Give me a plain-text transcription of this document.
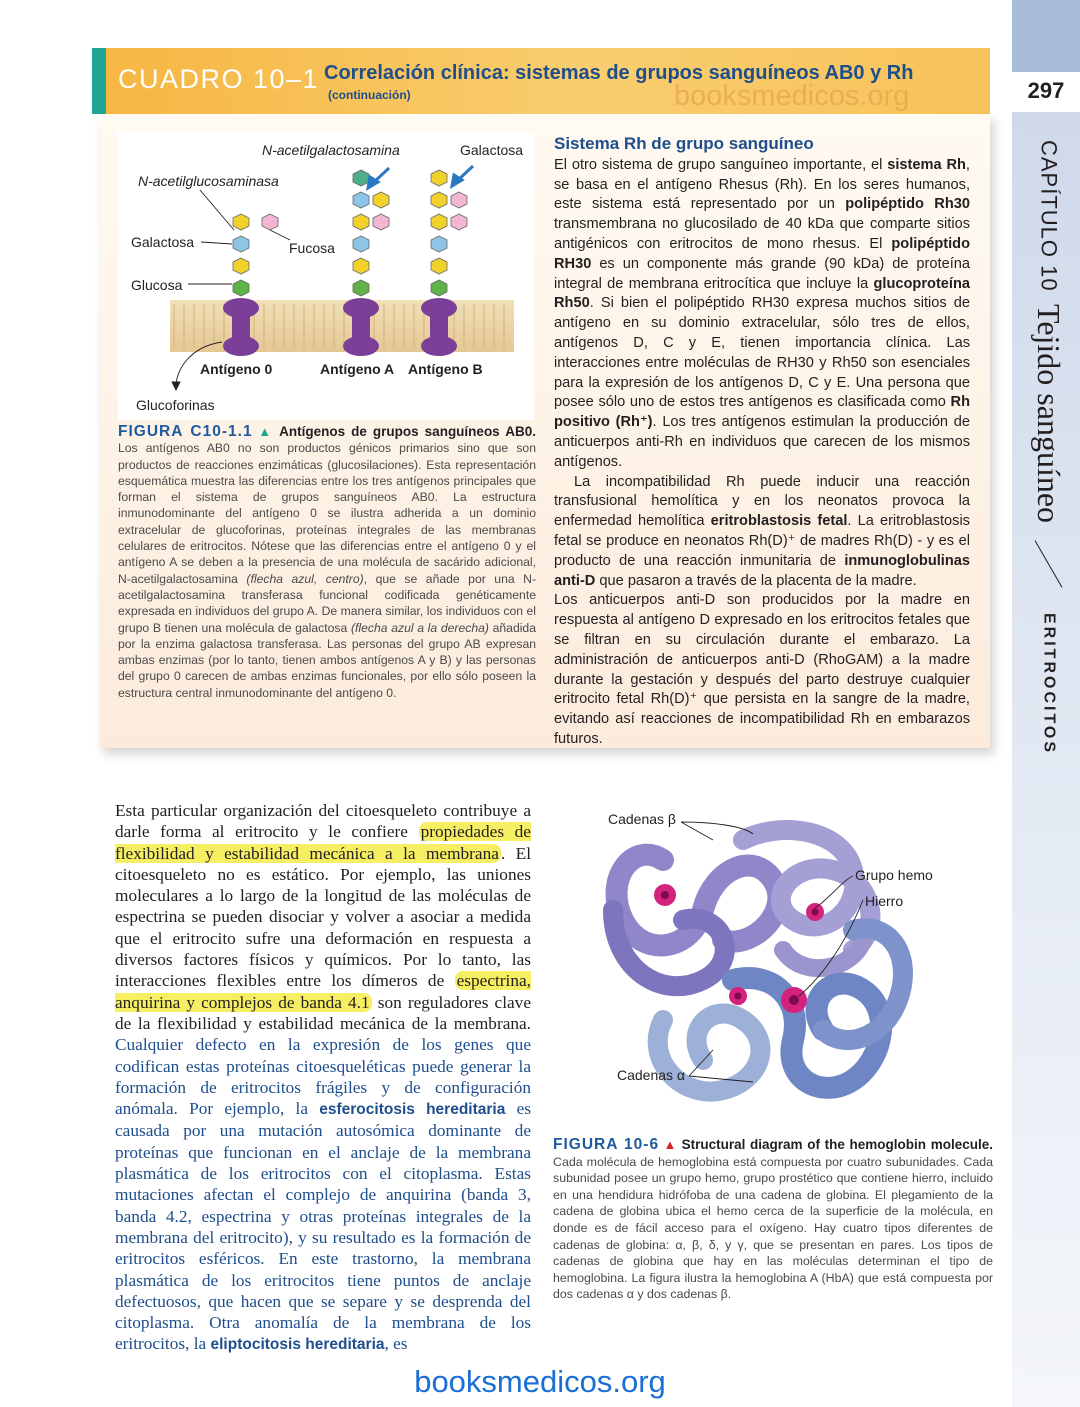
297
CAPÍTULO 10
Tejido sanguíneo
ERITROCITOS
CUADRO 10–1 Correlación clínica: sistemas de grupos sanguíneos AB0 y Rh
(continuación)	booksmedicos.org
N-acetilgalactosamina	Galactosa
N-acetilglucosaminasa
Galactosa	Fucosa
Glucosa
Antígeno 0	Antígeno A Antígeno B
Glucoforinas
FIGURA C10-1.1 ▲ Antígenos de grupos sanguíneos AB0. Los antígenos AB0 no son productos génicos primarios sino que son productos de reacciones enzimáticas (glucosilaciones). Esta representación esquemática muestra las diferencias entre los tres antígenos principales que forman el sistema de grupos sanguíneos AB0. La estructura inmunodominante del antígeno 0 se ilustra adherida a un dominio extracelular de glucoforinas, proteínas integrales de las membranas celulares de eritrocitos. Nótese que las diferencias entre el antígeno 0 y el antígeno A se deben a la presencia de una molécula de sacárido adicional, N-acetilgalactosamina (flecha azul, centro), que se añade por una N-acetilgalactosamina transferasa funcional codificada genéticamente expresada en individuos del grupo A. De manera similar, los individuos con el grupo B tienen una molécula de galactosa (flecha azul a la derecha) añadida por la enzima galactosa transferasa. Las personas del grupo AB expresan ambas enzimas (por lo tanto, tienen ambos antígenos A y B) y las personas del grupo 0 carecen de ambas enzimas funcionales, por ello sólo poseen la estructura central inmunodominante del antígeno 0.
Sistema Rh de grupo sanguíneo

El otro sistema de grupo sanguíneo importante, el sistema Rh, se basa en el antígeno Rhesus (Rh). En los seres humanos, este sistema está representado por un polipéptido Rh30 transmembrana no glucosilado de 40 kDa que comparte sitios antigénicos con eritrocitos de mono rhesus. El polipéptido RH30 es un componente más grande (90 kDa) de proteína integral de membrana eritrocítica que incluye la glucoproteína Rh50. Si bien el polipéptido RH30 expresa muchos sitios de antígeno en su dominio extracelular, sólo tres de ellos, antígenos D, C y E, tienen importancia clínica. Las interacciones entre moléculas de RH30 y Rh50 son esenciales para la expresión de los antígenos D, C y E. Una persona que posee sólo uno de estos tres antígenos es clasificada como Rh positivo (Rh⁺). Los tres antígenos estimulan la producción de anticuerpos anti-Rh en individuos que carecen de los mismos antígenos.

La incompatibilidad Rh puede inducir una reacción transfusional hemolítica y en los neonatos provoca la enfermedad hemolítica eritroblastosis fetal. La eritroblastosis fetal se produce en neonatos Rh(D)⁺ de madres Rh(D) - y es el producto de una reacción inmunitaria de inmunoglobulinas anti-D que pasaron a través de la placenta de la madre.

Los anticuerpos anti-D son producidos por la madre en respuesta al antígeno D expresado en los eritrocitos fetales que se filtran en su circulación durante el embarazo. La administración de anticuerpos anti-D (RhoGAM) a la madre durante la gestación y después del parto destruye cualquier eritrocito fetal Rh(D)⁺ que persista en la sangre de la madre, evitando así reacciones de incompatibilidad Rh en embarazos futuros.

Esta particular organización del citoesqueleto contribuye a darle forma al eritrocito y le confiere propiedades de flexibilidad y estabilidad mecánica a la membrana . El citoesqueleto no es estático. Por ejemplo, las uniones moleculares a lo largo de la longitud de las moléculas de espectrina se pueden disociar y volver a asociar a medida que el eritrocito sufre una deformación en respuesta a diversos factores físicos y químicos. Por lo tanto, las interacciones flexibles entre los dímeros de espectrina, anquirina y complejos de banda 4.1 son reguladores clave de la flexibilidad y estabilidad mecánica de la membrana. Cualquier defecto en la expresión de los genes que codifican estas proteínas citoesqueléticas puede generar la formación de eritrocitos frágiles y de configuración anómala. Por ejemplo, la esferocitosis hereditaria es causada por una mutación autosómica dominante de proteínas que funcionan en el anclaje de la membrana plasmática de los eritrocitos con el citoplasma. Estas mutaciones afectan el complejo de anquirina (banda 3, banda 4.2, espectrina y otras proteínas integrales de la membrana del eritrocito), y su resultado es la formación de eritrocitos esféricos. En este trastorno, la membrana plasmática de los eritrocitos tiene puntos de anclaje defectuosos, que hacen que se separe y se desprenda del citoplasma. Otra anomalía de la membrana de los eritrocitos, la eliptocitosis hereditaria, es
Cadenas β
Grupo hemo
Hierro
Cadenas α
FIGURA 10-6 ▲ Structural diagram of the hemoglobin molecule. Cada molécula de hemoglobina está compuesta por cuatro subunidades. Cada subunidad posee un grupo hemo, grupo prostético que contiene hierro, incluido en una hendidura hidrófoba de una cadena de globina. El plegamiento de la cadena de globina ubica el hemo cerca de la superficie de la molécula, en donde es de fácil acceso para el oxígeno. Hay cuatro tipos diferentes de cadenas de globina: α, β, δ, y γ, que se presentan en pares. Los tipos de cadenas de globina que hay en las moléculas determinan el tipo de hemoglobina. La figura ilustra la hemoglobina A (HbA) que está compuesta por dos cadenas α y dos cadenas β.
booksmedicos.org
